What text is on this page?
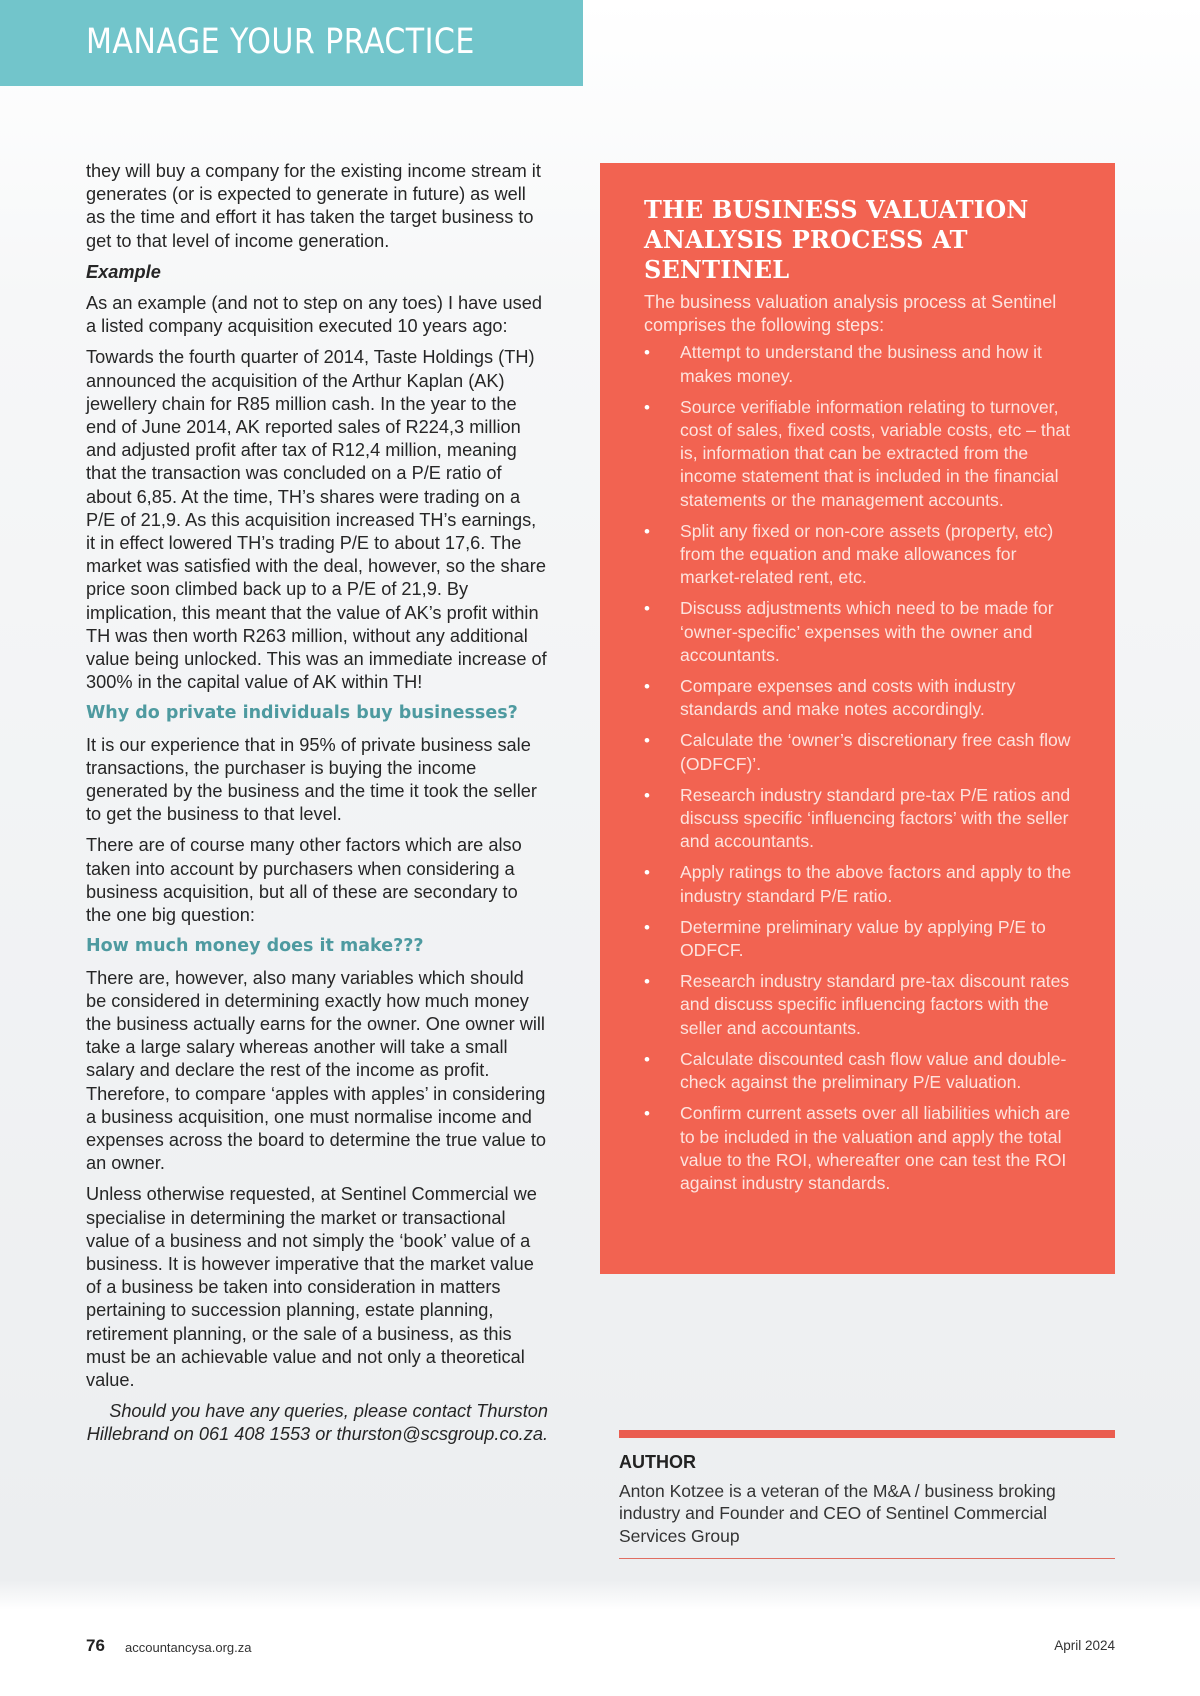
MANAGE YOUR PRACTICE

they will buy a company for the existing income stream it generates (or is expected to generate in future) as well as the time and effort it has taken the target business to get to that level of income generation.

Example

As an example (and not to step on any toes) I have used a listed company acquisition executed 10 years ago:

Towards the fourth quarter of 2014, Taste Holdings (TH) announced the acquisition of the Arthur Kaplan (AK) jewellery chain for R85 million cash. In the year to the end of June 2014, AK reported sales of R224,3 million and adjusted profit after tax of R12,4 million, meaning that the transaction was concluded on a P/E ratio of about 6,85. At the time, TH’s shares were trading on a P/E of 21,9. As this acquisition increased TH’s earnings, it in effect lowered TH’s trading P/E to about 17,6. The market was satisfied with the deal, however, so the share price soon climbed back up to a P/E of 21,9. By implication, this meant that the value of AK’s profit within TH was then worth R263 million, without any additional value being unlocked. This was an immediate increase of 300% in the capital value of AK within TH!

Why do private individuals buy businesses?

It is our experience that in 95% of private business sale transactions, the purchaser is buying the income generated by the business and the time it took the seller to get the business to that level.

There are of course many other factors which are also taken into account by purchasers when considering a business acquisition, but all of these are secondary to the one big question:

How much money does it make???

There are, however, also many variables which should be considered in determining exactly how much money the business actually earns for the owner. One owner will take a large salary whereas another will take a small salary and declare the rest of the income as profit. Therefore, to compare ‘apples with apples’ in considering a business acquisition, one must normalise income and expenses across the board to determine the true value to an owner.

Unless otherwise requested, at Sentinel Commercial we specialise in determining the market or transactional value of a business and not simply the ‘book’ value of a business. It is however imperative that the market value of a business be taken into consideration in matters pertaining to succession planning, estate planning, retirement planning, or the sale of a business, as this must be an achievable value and not only a theoretical value.

Should you have any queries, please contact Thurston Hillebrand on 061 408 1553 or thurston@scsgroup.co.za.

THE BUSINESS VALUATION ANALYSIS PROCESS AT SENTINEL

The business valuation analysis process at Sentinel comprises the following steps:

•	Attempt to understand the business and how it makes money.
•	Source verifiable information relating to turnover, cost of sales, fixed costs, variable costs, etc – that is, information that can be extracted from the income statement that is included in the financial statements or the management accounts.
•	Split any fixed or non-core assets (property, etc) from the equation and make allowances for market-related rent, etc.
•	Discuss adjustments which need to be made for ‘owner-specific’ expenses with the owner and accountants.
•	Compare expenses and costs with industry standards and make notes accordingly.
•	Calculate the ‘owner’s discretionary free cash flow (ODFCF)’.
•	Research industry standard pre-tax P/E ratios and discuss specific ‘influencing factors’ with the seller and accountants.
•	Apply ratings to the above factors and apply to the industry standard P/E ratio.
•	Determine preliminary value by applying P/E to ODFCF.
•	Research industry standard pre-tax discount rates and discuss specific influencing factors with the seller and accountants.
•	Calculate discounted cash flow value and double-check against the preliminary P/E valuation.
•	Confirm current assets over all liabilities which are to be included in the valuation and apply the total value to the ROI, whereafter one can test the ROI against industry standards.
AUTHOR
Anton Kotzee is a veteran of the M&A / business broking industry and Founder and CEO of Sentinel Commercial Services Group
76 accountancysa.org.za	April 2024
